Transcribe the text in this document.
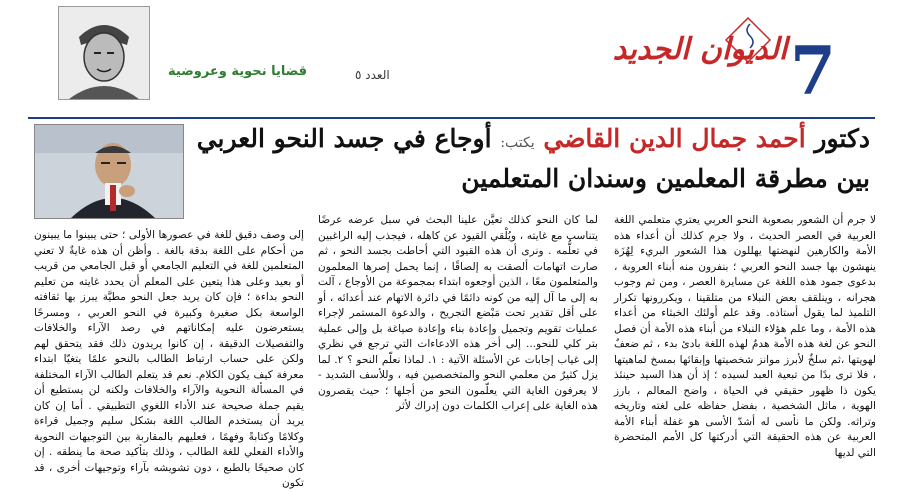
7
الديوان الجديد
العدد ٥
قضايا نحوية وعروضية
دكتور أحمد جمال الدين القاضي يكتب: أوجاع في جسد النحو العربي
بين مطرقة المعلمين وسندان المتعلمين

لا جرم أن الشعور بصعوبة النحو العربي يعتري متعلمي اللغة العربية في العصر الحديث ، ولا جرم كذلك أن أعداء هذه الأمة والكارهين لنهضتها يهللون هذا الشعور البريء لِهُزَة ينهشون بها جسد النحو العربي ؛ بنفرون منه أبناء العروبة ، بدعوى جمود هذه اللغة عن مسايرة العصر ، ومن ثم وجوب هجرانه ، وينلقف بعض النبلاء من متلقينا ، ويكررونها تكرار التلميذ لما يقول أستاذه. وقد علم أولئك الخبثاء من أعداء هذه الأمة ، وما علم هؤلاء النبلاء من أبناء هذه الأمة أن فصل النحو عن لغة هذه الأمة هدمٌ لهذه اللغة بادئ بدء ، ثم ضعفٌ لهويتها ،ثم سلخٌ لأبرز موانز شخصيتها وإبقائها بمسخ لماهيتها ، فلا ترى بدًا من تبعية العبد لسيده ؛ إذ أن هذا السيد حينئذ يكون ذا ظهور حقيقي في الحياة ، واضح المعالم ، بارز الهوية ، ماثل الشخصية ، بفضل حفاظه على لغته وتاريخه وتراثه. ولكن ما نأسى له أشدّ الأسى هو غفلة أبناء الأمة العربية عن هذه الحقيقة التي أدركتها كل الأمم المتحضرة التي لديها

لما كان النحو كذلك تعيَّن علينا البحث في سبل عرضه عرضًا يتناسب مع غايته ، ويُلْقي القيود عن كاهله ، فيجذب إليه الراغبين في تعلُّمه . ونرى أن هذه القيود التي أحاطت بجسد النحو ، ثم صارت اتهامات ألصقت به إلصاقًا ، إنما يحمل إصرها المعلمون والمتعلمون معًا ، الذين أوجعوه ابتداء بمجموعة من الأوجاع ، آلت به إلى ما آل إليه من كونه دائمًا في دائرة الاتهام عند أعدائه ، أو على أقل تقدير تحت مَبْضع التجريح ، والدعوة المستمر لإجراء عمليات تقويم وتجميل وإعادة بناء وإعادة صياغة بل وإلى عملية بتر كلي للنحو... إلى أخر هذه الادعاءات التي ترجع في نظري إلى غياب إجابات عن الأسئلة الآتية : ١. لماذا نعلّم النحو ؟ ٢. لما يزل كثيرٌ من معلمي النحو والمتخصصين فيه ، وللأسف الشديد - لا يعرفون الغاية التي يعلّمون النحو من أجلها ؛ حيث يقصرون هذه الغاية على إعراب الكلمات دون إدراك لأثر

إلى وصف دقيق للغة في عصورها الأولى ؛ حتى يبينوا ما يبينون من أحكام على اللغة بدقة بالغة . وأظن أن هذه غايةٌ لا تعني المتعلمين للغة في التعليم الجامعي أو قبل الجامعي من قريب أو بعيد وعلى هذا يتعين على المعلم أن يحدد غايته من تعليم النحو بداءة ؛ فإن كان يريد جعل النحو مطيَّة يبرز بها ثقافته الواسعة بكل صغيرة وكبيرة في النحو العربي ، ومسرحًا يستعرضون عليه إمكاناتهم في رصد الآراء والخلافات والتفصيلات الدقيقة ، إن كانوا يريدون ذلك فقد يتحقق لهم ولكن على حساب ارتباط الطالب بالنحو علمًا يتغيّا ابتداء معرفة كيف يكون الكلام. نعم قد يتعلم الطالب الآراء المختلفة في المسألة النحوية والآراء والخلافات ولكنه لن يستطيع أن يقيم جملة صحيحة عند الأداء اللغوي التطبيقي . أما إن كان يريد أن يستخدم الطالب اللغة بشكل سليم وجميل قراءة وكلامًا وكتابةً وفهمًا ، فعليهم بالمقاربة بين التوجيهات النحوية والأداء الفعلي للغة الطالب ، وذلك بتأكيد صحة ما ينطقه . إن كان صحيحًا بالطبع ، دون تشويشه بآراء وتوجيهات أخرى ، قد تكون
